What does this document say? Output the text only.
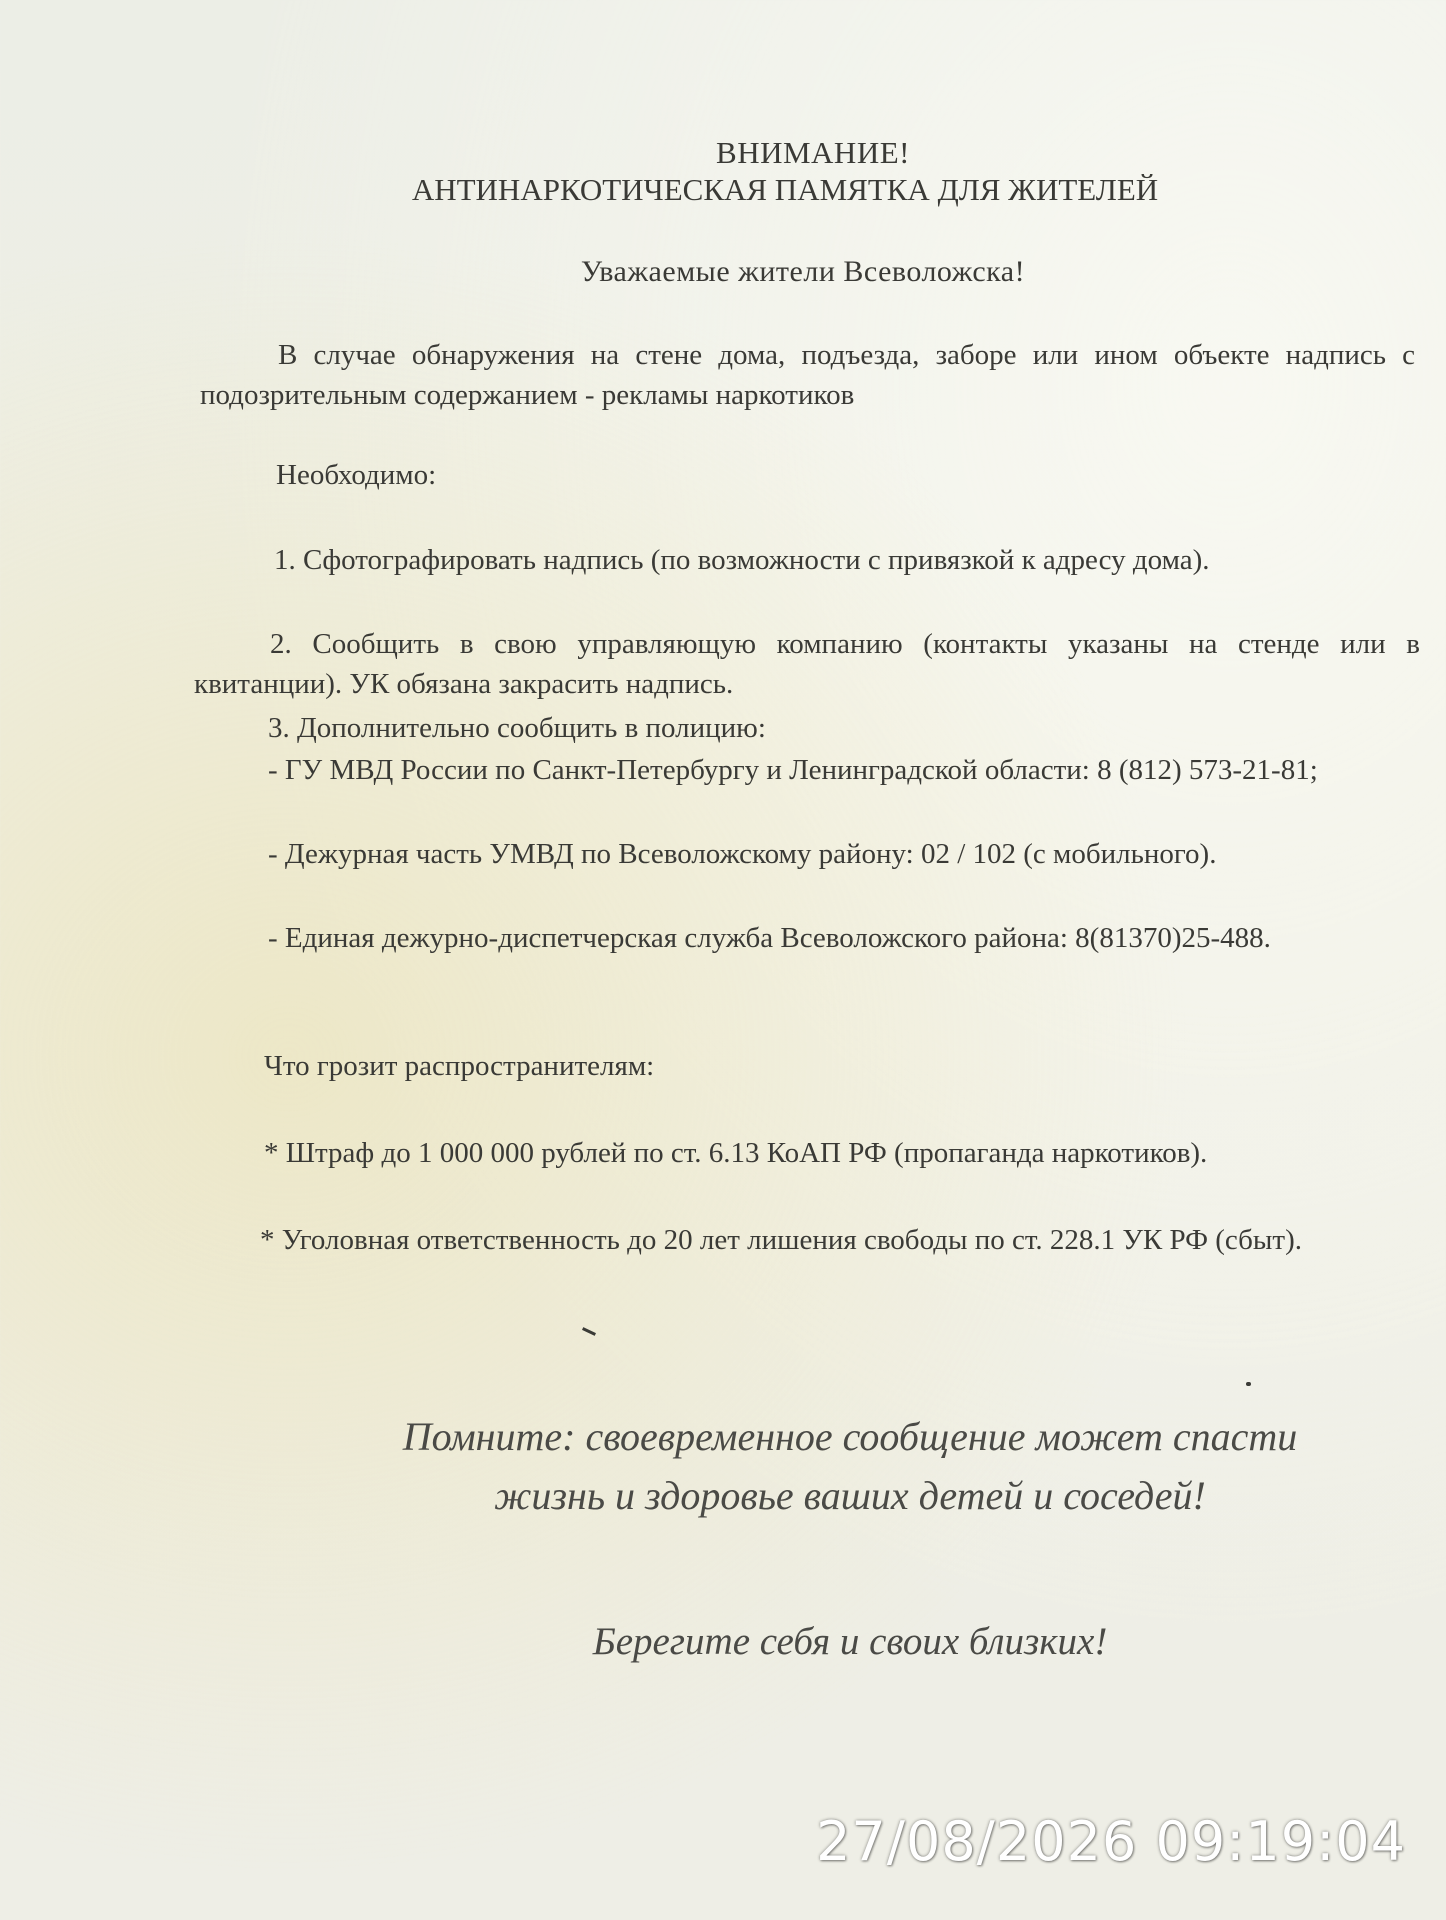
ВНИМАНИЕ!
АНТИНАРКОТИЧЕСКАЯ ПАМЯТКА ДЛЯ ЖИТЕЛЕЙ
Уважаемые жители Всеволожска!

В случае обнаружения на стене дома, подъезда, заборе или ином объекте надпись с подозрительным содержанием - рекламы наркотиков

Необходимо:

1. Сфотографировать надпись (по возможности с привязкой к адресу дома).

2. Сообщить в свою управляющую компанию (контакты указаны на стенде или в квитанции). УК обязана закрасить надпись.

3. Дополнительно сообщить в полицию:

- ГУ МВД России по Санкт-Петербургу и Ленинградской области: 8 (812) 573-21-81;

- Дежурная часть УМВД по Всеволожскому району: 02 / 102 (с мобильного).

- Единая дежурно-диспетчерская служба Всеволожского района: 8(81370)25-488.

Что грозит распространителям:

* Штраф до 1 000 000 рублей по ст. 6.13 КоАП РФ (пропаганда наркотиков).

* Уголовная ответственность до 20 лет лишения свободы по ст. 228.1 УК РФ (сбыт).

Помните: своевременное сообщение может спасти
жизнь и здоровье ваших детей и соседей!
Берегите себя и своих близких!
27/08/2026 09:19:04
